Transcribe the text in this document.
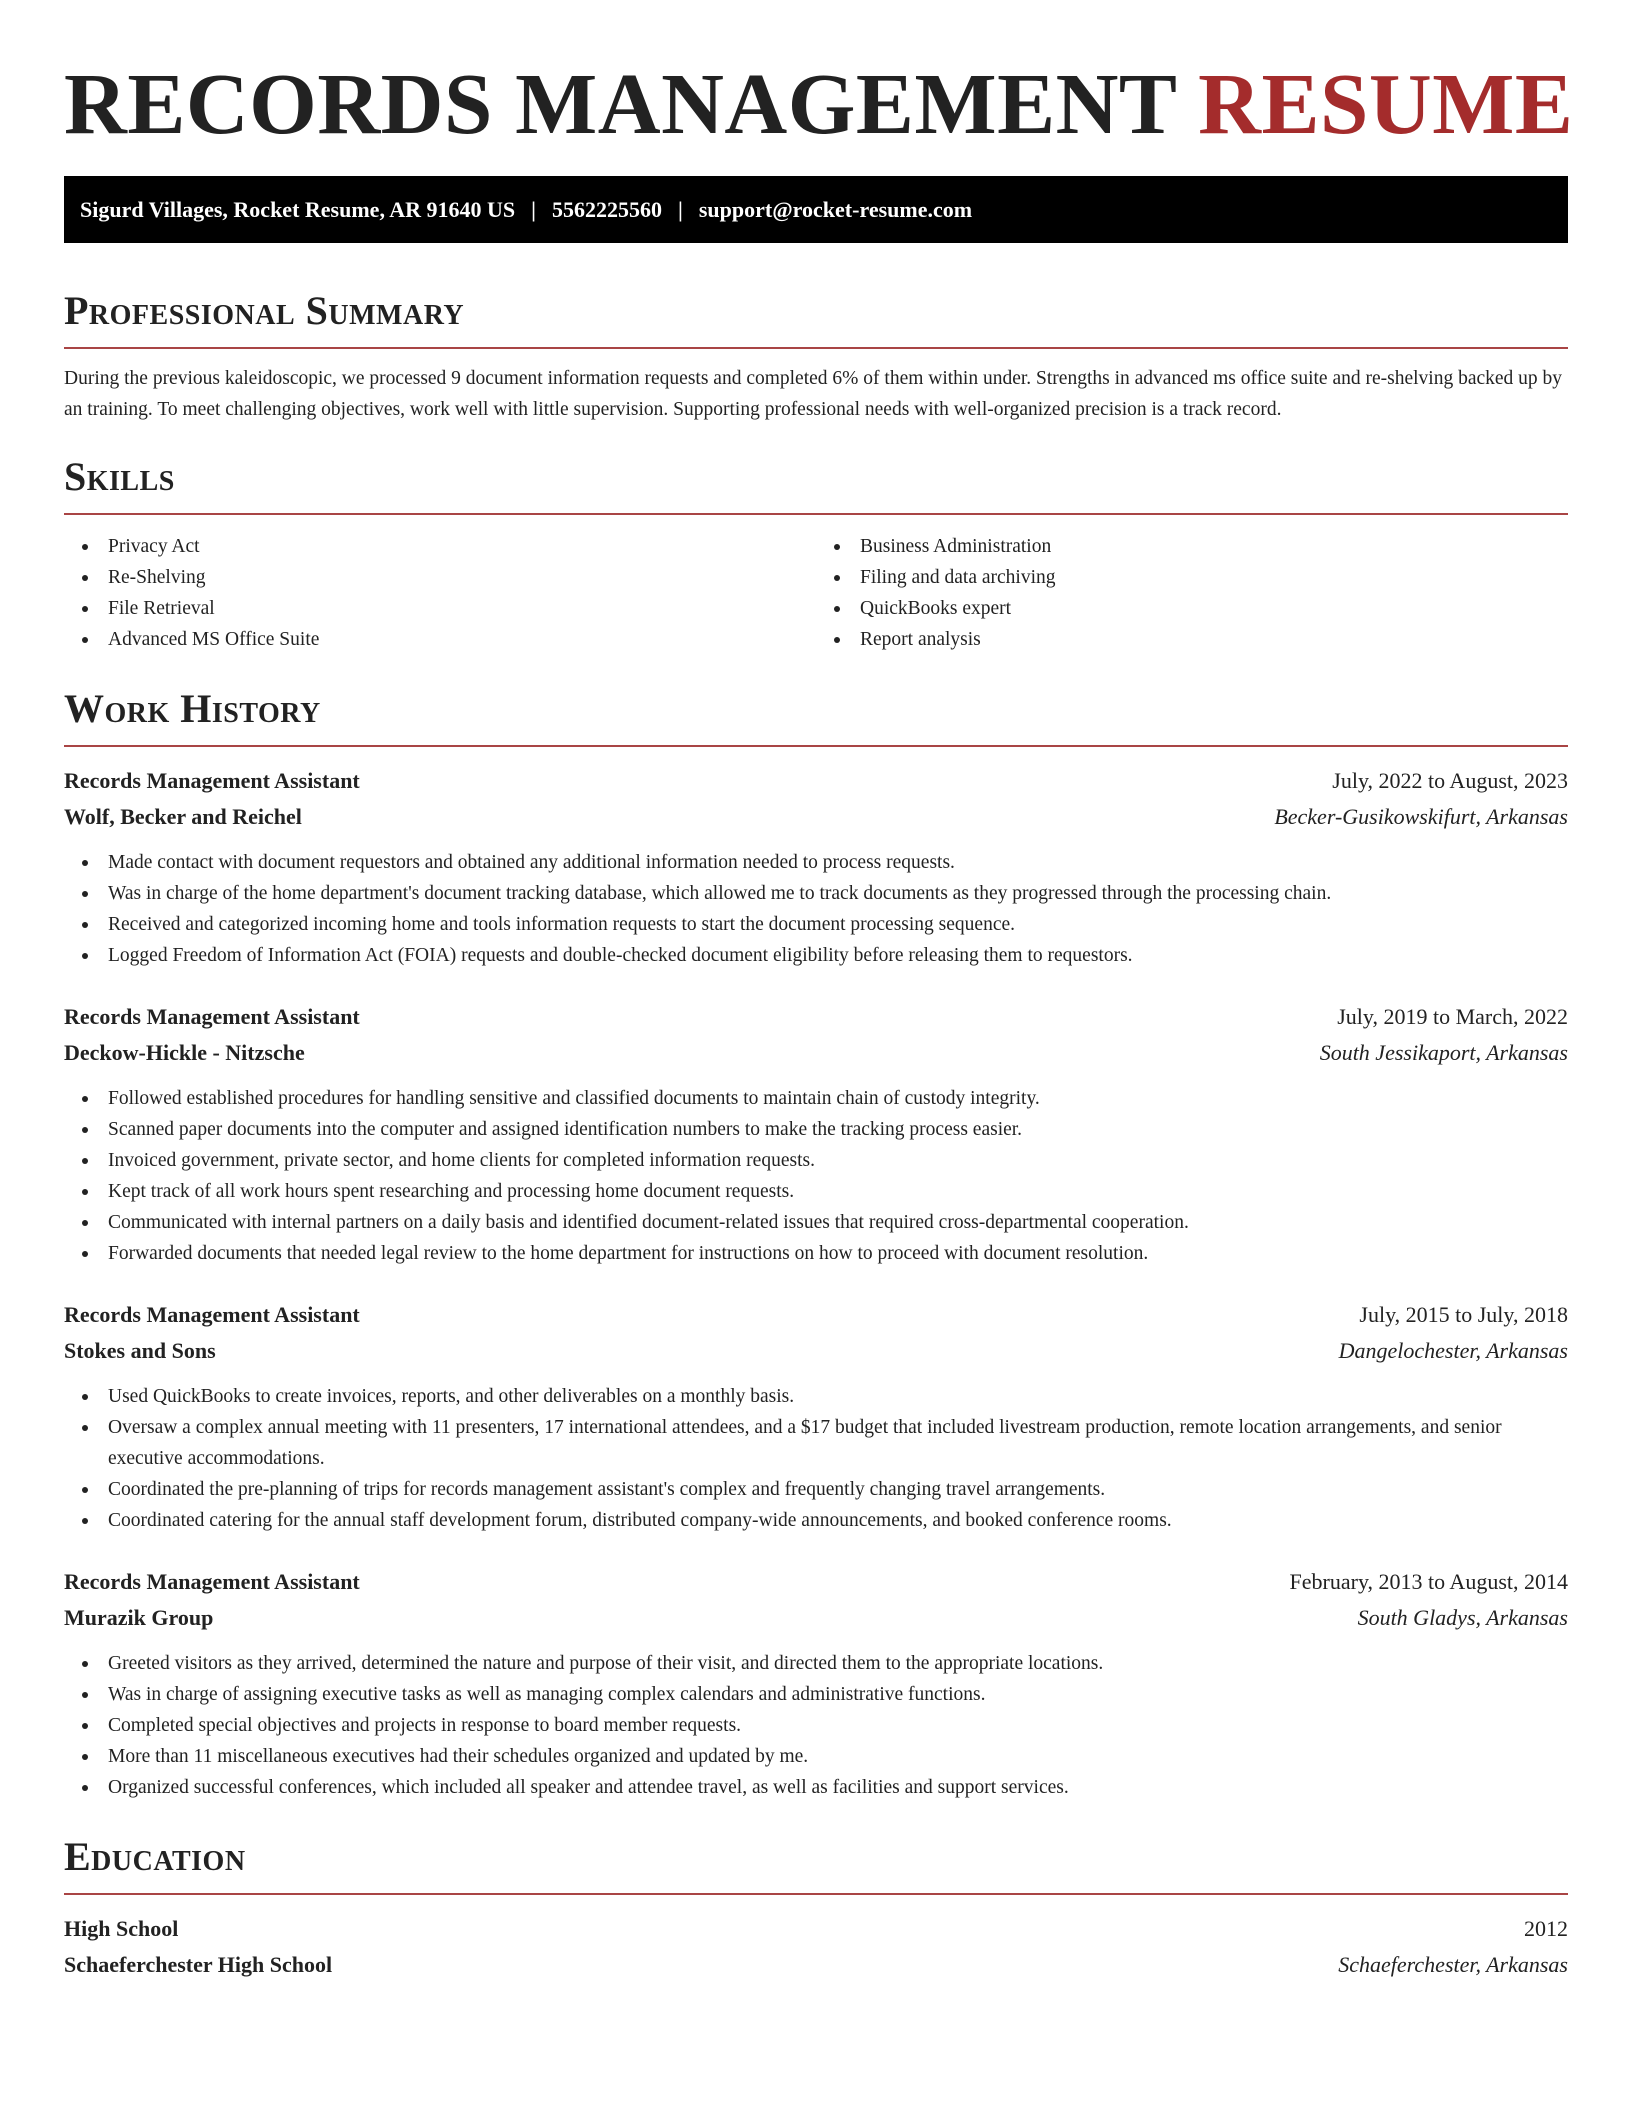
RECORDS MANAGEMENT RESUME
Sigurd Villages, Rocket Resume, AR 91640 US | 5562225560 | support@rocket-resume.com
Professional Summary

During the previous kaleidoscopic, we processed 9 document information requests and completed 6% of them within under. Strengths in advanced ms office suite and re-shelving backed up by an training. To meet challenging objectives, work well with little supervision. Supporting professional needs with well-organized precision is a track record.

Skills
Privacy Act
Re-Shelving
File Retrieval
Advanced MS Office Suite
Business Administration
Filing and data archiving
QuickBooks expert
Report analysis
Work History
Records Management Assistant	July, 2022 to August, 2023
Wolf, Becker and Reichel	Becker-Gusikowskifurt, Arkansas
Made contact with document requestors and obtained any additional information needed to process requests.
Was in charge of the home department's document tracking database, which allowed me to track documents as they progressed through the processing chain.
Received and categorized incoming home and tools information requests to start the document processing sequence.
Logged Freedom of Information Act (FOIA) requests and double-checked document eligibility before releasing them to requestors.
Records Management Assistant	July, 2019 to March, 2022
Deckow-Hickle - Nitzsche	South Jessikaport, Arkansas
Followed established procedures for handling sensitive and classified documents to maintain chain of custody integrity.
Scanned paper documents into the computer and assigned identification numbers to make the tracking process easier.
Invoiced government, private sector, and home clients for completed information requests.
Kept track of all work hours spent researching and processing home document requests.
Communicated with internal partners on a daily basis and identified document-related issues that required cross-departmental cooperation.
Forwarded documents that needed legal review to the home department for instructions on how to proceed with document resolution.
Records Management Assistant	July, 2015 to July, 2018
Stokes and Sons	Dangelochester, Arkansas
Used QuickBooks to create invoices, reports, and other deliverables on a monthly basis.
Oversaw a complex annual meeting with 11 presenters, 17 international attendees, and a $17 budget that included livestream production, remote location arrangements, and senior executive accommodations.
Coordinated the pre-planning of trips for records management assistant's complex and frequently changing travel arrangements.
Coordinated catering for the annual staff development forum, distributed company-wide announcements, and booked conference rooms.
Records Management Assistant	February, 2013 to August, 2014
Murazik Group	South Gladys, Arkansas
Greeted visitors as they arrived, determined the nature and purpose of their visit, and directed them to the appropriate locations.
Was in charge of assigning executive tasks as well as managing complex calendars and administrative functions.
Completed special objectives and projects in response to board member requests.
More than 11 miscellaneous executives had their schedules organized and updated by me.
Organized successful conferences, which included all speaker and attendee travel, as well as facilities and support services.
Education
High School	2012
Schaeferchester High School	Schaeferchester, Arkansas
